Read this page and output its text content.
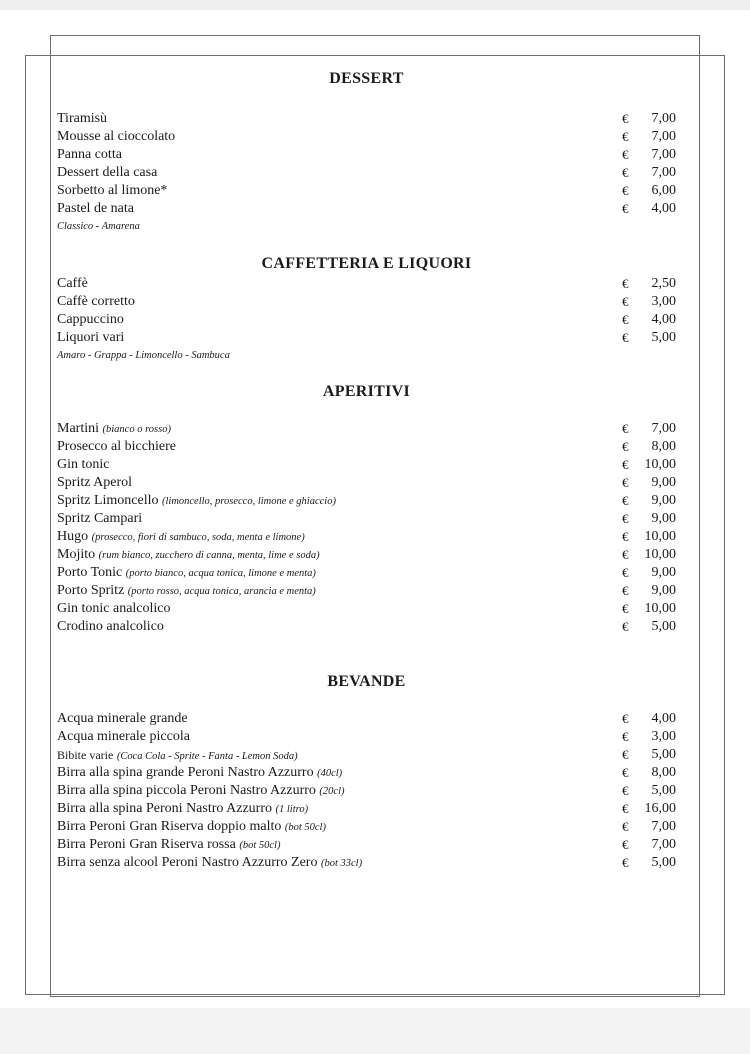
DESSERT
Tiramisù	€ 7,00
Mousse al cioccolato	€ 7,00
Panna cotta	€ 7,00
Dessert della casa	€ 7,00
Sorbetto al limone*	€ 6,00
Pastel de nata	€ 4,00
Classico - Amarena
CAFFETTERIA E LIQUORI
Caffè	€ 2,50
Caffè corretto	€ 3,00
Cappuccino	€ 4,00
Liquori vari	€ 5,00
Amaro - Grappa - Limoncello - Sambuca
APERITIVI
Martini (bianco o rosso)	€ 7,00
Prosecco al bicchiere	€ 8,00
Gin tonic	€ 10,00
Spritz Aperol	€ 9,00
Spritz Limoncello (limoncello, prosecco, limone e ghiaccio)	€ 9,00
Spritz Campari	€ 9,00
Hugo (prosecco, fiori di sambuco, soda, menta e limone)	€ 10,00
Mojito (rum bianco, zucchero di canna, menta, lime e soda)	€ 10,00
Porto Tonic (porto bianco, acqua tonica, limone e menta)	€ 9,00
Porto Spritz (porto rosso, acqua tonica, arancia e menta)	€ 9,00
Gin tonic analcolico	€ 10,00
Crodino analcolico	€ 5,00
BEVANDE
Acqua minerale grande	€ 4,00
Acqua minerale piccola	€ 3,00
Bibite varie (Coca Cola - Sprite - Fanta - Lemon Soda)	€ 5,00
Birra alla spina grande Peroni Nastro Azzurro (40cl)	€ 8,00
Birra alla spina piccola Peroni Nastro Azzurro (20cl)	€ 5,00
Birra alla spina Peroni Nastro Azzurro (1 litro)	€ 16,00
Birra Peroni Gran Riserva doppio malto (bot 50cl)	€ 7,00
Birra Peroni Gran Riserva rossa (bot 50cl)	€ 7,00
Birra senza alcool Peroni Nastro Azzurro Zero (bot 33cl)	€ 5,00
